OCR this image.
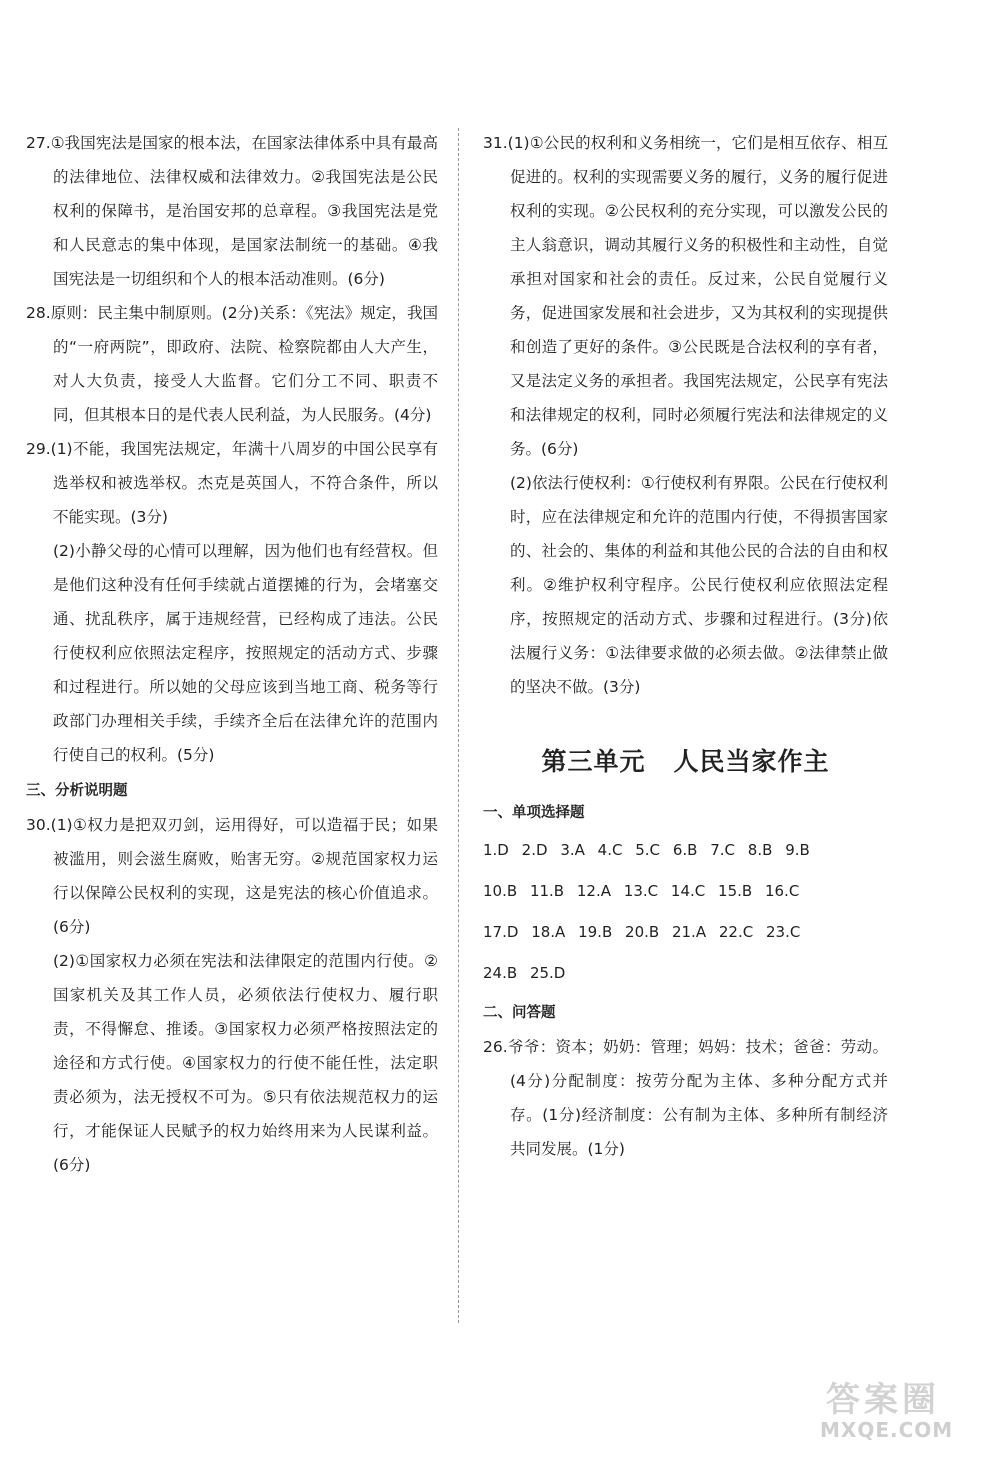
27.①我国宪法是国家的根本法，在国家法律体系中具有最高的法律地位、法律权威和法律效力。②我国宪法是公民权利的保障书，是治国安邦的总章程。③我国宪法是党和人民意志的集中体现，是国家法制统一的基础。④我国宪法是一切组织和个人的根本活动准则。(6分)

28.原则：民主集中制原则。(2分)关系：《宪法》规定，我国的“一府两院”，即政府、法院、检察院都由人大产生，对人大负责，接受人大监督。它们分工不同、职责不同，但其根本日的是代表人民利益，为人民服务。(4分)

29.(1)不能，我国宪法规定，年满十八周岁的中国公民享有选举权和被选举权。杰克是英国人，不符合条件，所以不能实现。(3分)

(2)小静父母的心情可以理解，因为他们也有经营权。但是他们这种没有任何手续就占道摆摊的行为，会堵塞交通、扰乱秩序，属于违规经营，已经构成了违法。公民行使权利应依照法定程序，按照规定的活动方式、步骤和过程进行。所以她的父母应该到当地工商、税务等行政部门办理相关手续，手续齐全后在法律允许的范围内行使自己的权利。(5分)

三、分析说明题

30.(1)①权力是把双刃剑，运用得好，可以造福于民；如果被滥用，则会滋生腐败，贻害无穷。②规范国家权力运行以保障公民权利的实现，这是宪法的核心价值追求。(6分)

(2)①国家权力必须在宪法和法律限定的范围内行使。②国家机关及其工作人员，必须依法行使权力、履行职责，不得懈怠、推诿。③国家权力必须严格按照法定的途径和方式行使。④国家权力的行使不能任性，法定职责必须为，法无授权不可为。⑤只有依法规范权力的运行，才能保证人民赋予的权力始终用来为人民谋利益。(6分)

31.(1)①公民的权利和义务相统一，它们是相互依存、相互促进的。权利的实现需要义务的履行，义务的履行促进权利的实现。②公民权利的充分实现，可以激发公民的主人翁意识，调动其履行义务的积极性和主动性，自觉承担对国家和社会的责任。反过来，公民自觉履行义务，促进国家发展和社会进步，又为其权利的实现提供和创造了更好的条件。③公民既是合法权利的享有者，又是法定义务的承担者。我国宪法规定，公民享有宪法和法律规定的权利，同时必须履行宪法和法律规定的义务。(6分)

(2)依法行使权利：①行使权利有界限。公民在行使权利时，应在法律规定和允许的范围内行使，不得损害国家的、社会的、集体的利益和其他公民的合法的自由和权利。②维护权利守程序。公民行使权利应依照法定程序，按照规定的活动方式、步骤和过程进行。(3分)依法履行义务：①法律要求做的必须去做。②法律禁止做的坚决不做。(3分)

第三单元 人民当家作主
一、单项选择题
1.D 2.D 3.A 4.C 5.C 6.B 7.C 8.B 9.B
10.B 11.B 12.A 13.C 14.C 15.B 16.C
17.D 18.A 19.B 20.B 21.A 22.C 23.C
24.B 25.D
二、问答题

26.爷爷：资本；奶奶：管理；妈妈：技术；爸爸：劳动。(4分)分配制度：按劳分配为主体、多种分配方式并存。(1分)经济制度：公有制为主体、多种所有制经济共同发展。(1分)

答案圈
MXQE.COM
